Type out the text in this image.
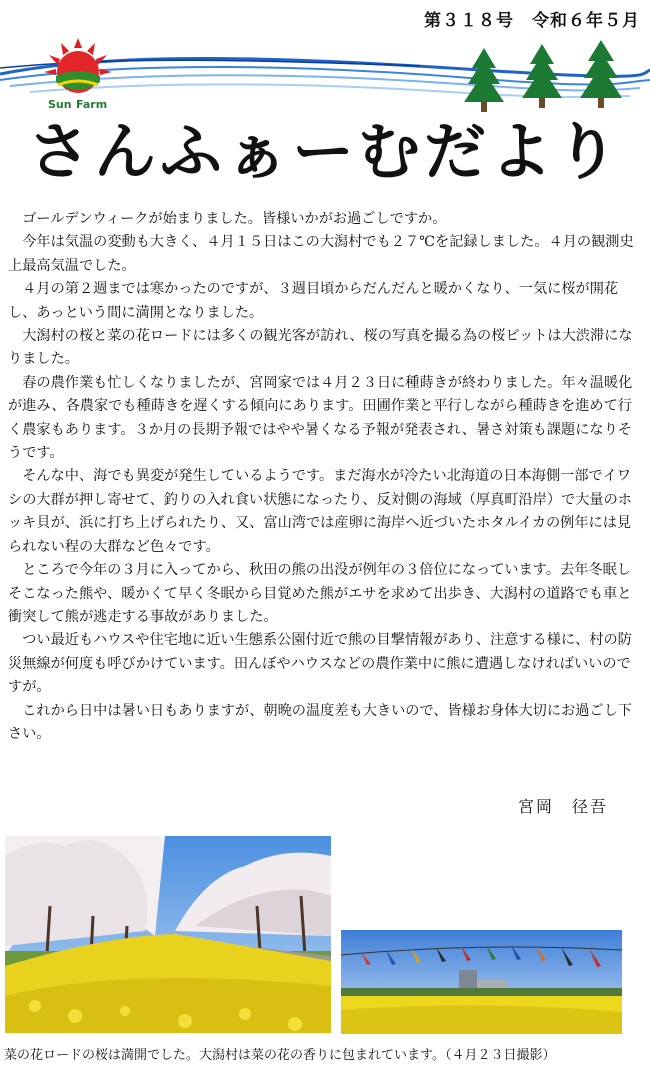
第３１８号　令和６年５月
Sun Farm
さんふぁーむだより

ゴールデンウィークが始まりました。皆様いかがお過ごしですか。

今年は気温の変動も大きく、４月１５日はこの大潟村でも２７℃を記録しました。４月の観測史上最高気温でした。

４月の第２週までは寒かったのですが、３週目頃からだんだんと暖かくなり、一気に桜が開花し、あっという間に満開となりました。

大潟村の桜と菜の花ロードには多くの観光客が訪れ、桜の写真を撮る為の桜ピットは大渋滞になりました。

春の農作業も忙しくなりましたが、宮岡家では４月２３日に種蒔きが終わりました。年々温暖化が進み、各農家でも種蒔きを遅くする傾向にあります。田圃作業と平行しながら種蒔きを進めて行く農家もあります。３か月の長期予報ではやや暑くなる予報が発表され、暑さ対策も課題になりそうです。

そんな中、海でも異変が発生しているようです。まだ海水が冷たい北海道の日本海側一部でイワシの大群が押し寄せて、釣りの入れ食い状態になったり、反対側の海域（厚真町沿岸）で大量のホッキ貝が、浜に打ち上げられたり、又、富山湾では産卵に海岸へ近づいたホタルイカの例年には見られない程の大群など色々です。

ところで今年の３月に入ってから、秋田の熊の出没が例年の３倍位になっています。去年冬眠しそこなった熊や、暖かくて早く冬眠から目覚めた熊がエサを求めて出歩き、大潟村の道路でも車と衝突して熊が逃走する事故がありました。

つい最近もハウスや住宅地に近い生態系公園付近で熊の目撃情報があり、注意する様に、村の防災無線が何度も呼びかけています。田んぼやハウスなどの農作業中に熊に遭遇しなければいいのですが。

これから日中は暑い日もありますが、朝晩の温度差も大きいので、皆様お身体大切にお過ごし下さい。

宮岡　径吾
菜の花ロードの桜は満開でした。大潟村は菜の花の香りに包まれています。（４月２３日撮影）
